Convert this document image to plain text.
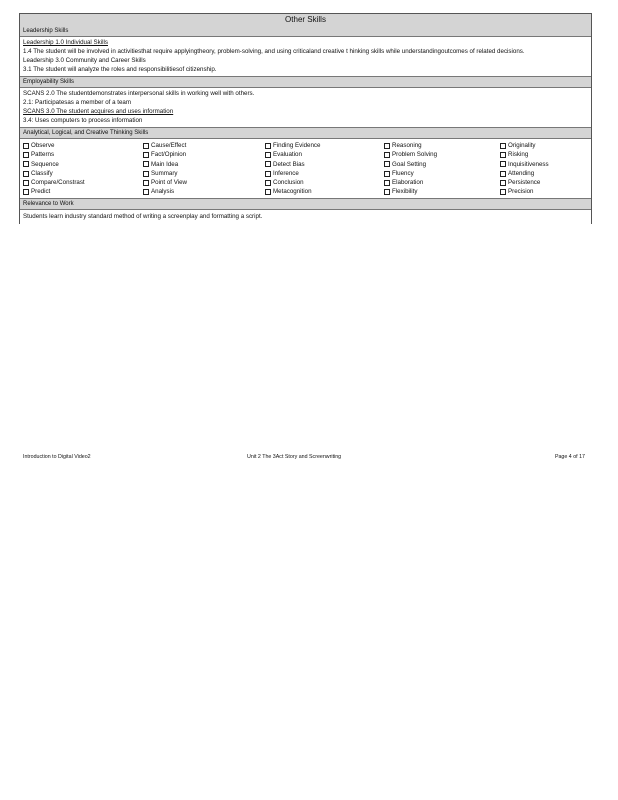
Other Skills
Leadership Skills

Leadership 1.0 Individual Skills

1.4 The student will be involved in activitiesthat require applyingtheory, problem-solving, and using criticaland creative t hinking skills while understandingoutcomes of related decisions.

Leadership 3.0 Community and Career Skills

3.1 The student will analyze the roles and responsibilitiesof citizenship.

Employability Skills

SCANS 2.0 The studentdemonstrates interpersonal skills in working well with others.

2.1: Participatesas a member of a team

SCANS 3.0 The student acquires and uses information

3.4: Uses computers to process information

Analytical, Logical, and Creative Thinking Skills
Observe
Patterns
Sequence
Classify
Compare/Constrast
Predict
Cause/Effect
Fact/Opinion
Main Idea
Summary
Point of View
Analysis
Finding Evidence
Evaluation
Detect Bias
Inference
Conclusion
Metacognition
Reasoning
Problem Solving
Goal Setting
Fluency
Elaboration
Flexibility
Originality
Risking
Inquisitiveness
Attending
Persistence
Precision
Relevance to Work

Students learn industry standard method of writing a screenplay and formatting a script.

Introduction to Digital Video2	Unit 2 The 3Act Story and Screenwriting	Page 4 of 17
